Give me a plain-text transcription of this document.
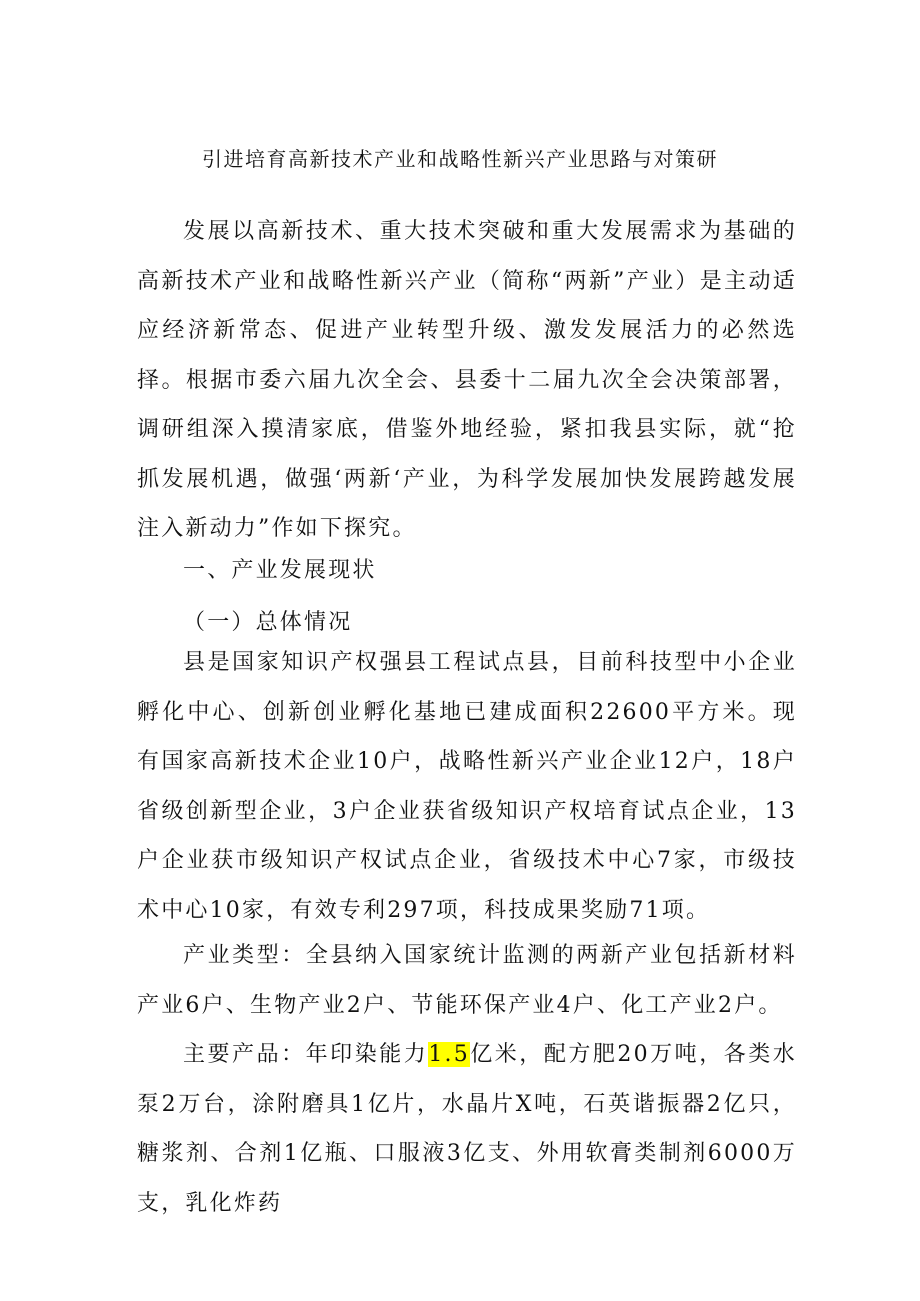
引进培育高新技术产业和战略性新兴产业思路与对策研

发展以高新技术、重大技术突破和重大发展需求为基础的高新技术产业和战略性新兴产业（简称“两新”产业）是主动适应经济新常态、促进产业转型升级、激发发展活力的必然选择。根据市委六届九次全会、县委十二届九次全会决策部署，调研组深入摸清家底，借鉴外地经验，紧扣我县实际，就“抢抓发展机遇，做强‘两新‘产业，为科学发展加快发展跨越发展注入新动力”作如下探究。

一、产业发展现状
（一）总体情况

县是国家知识产权强县工程试点县，目前科技型中小企业孵化中心、创新创业孵化基地已建成面积22600平方米。现有国家高新技术企业10户，战略性新兴产业企业12户，18户省级创新型企业，3户企业获省级知识产权培育试点企业，13户企业获市级知识产权试点企业，省级技术中心7家，市级技术中心10家，有效专利297项，科技成果奖励71项。

产业类型：全县纳入国家统计监测的两新产业包括新材料产业6户、生物产业2户、节能环保产业4户、化工产业2户。

主要产品：年印染能力1.5亿米，配方肥20万吨，各类水泵2万台，涂附磨具1亿片，水晶片X吨，石英谐振器2亿只，糖浆剂、合剂1亿瓶、口服液3亿支、外用软膏类制剂6000万支，乳化炸药
